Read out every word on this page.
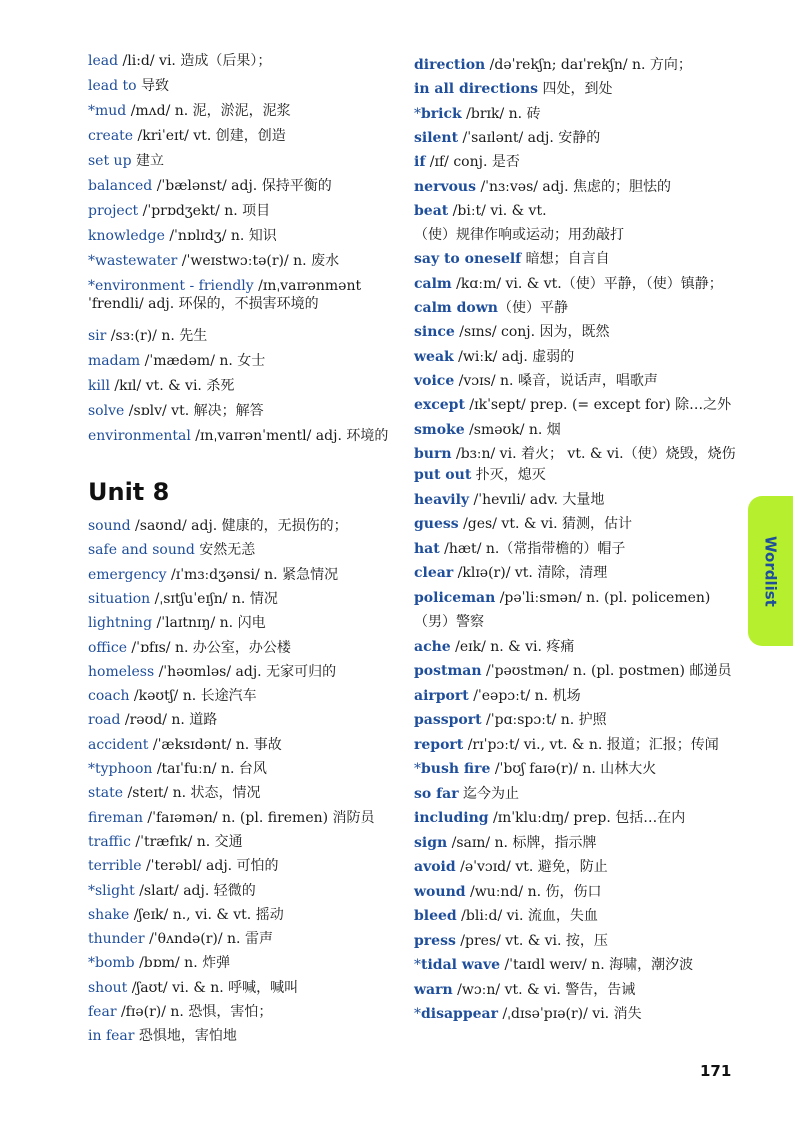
Unit 8
lead /li:d/ vi. 造成（后果）；
lead to 导致
*mud /mʌd/ n. 泥，淤泥，泥浆
create /kriˈeɪt/ vt. 创建，创造
set up 建立
balanced /ˈbælənst/ adj. 保持平衡的
project /ˈprɒdʒekt/ n. 项目
knowledge /ˈnɒlɪdʒ/ n. 知识
*wastewater /ˈweɪstwɔːtə(r)/ n. 废水
*environment - friendly /ɪnˌvaɪrənmənt ˈfrendli/ adj. 环保的，不损害环境的
sir /sɜː(r)/ n. 先生
madam /ˈmædəm/ n. 女士
kill /kɪl/ vt. & vi. 杀死
solve /sɒlv/ vt. 解决；解答
environmental /ɪnˌvaɪrənˈmentl/ adj. 环境的
sound /saʊnd/ adj. 健康的，无损伤的；
safe and sound 安然无恙
emergency /ɪˈmɜːdʒənsi/ n. 紧急情况
situation /ˌsɪtʃuˈeɪʃn/ n. 情况
lightning /ˈlaɪtnɪŋ/ n. 闪电
office /ˈɒfɪs/ n. 办公室，办公楼
homeless /ˈhəʊmləs/ adj. 无家可归的
coach /kəʊtʃ/ n. 长途汽车
road /rəʊd/ n. 道路
accident /ˈæksɪdənt/ n. 事故
*typhoon /taɪˈfuːn/ n. 台风
state /steɪt/ n. 状态，情况
fireman /ˈfaɪəmən/ n. (pl. firemen) 消防员
traffic /ˈtræfɪk/ n. 交通
terrible /ˈterəbl/ adj. 可怕的
*slight /slaɪt/ adj. 轻微的
shake /ʃeɪk/ n., vi. & vt. 摇动
thunder /ˈθʌndə(r)/ n. 雷声
*bomb /bɒm/ n. 炸弹
shout /ʃaʊt/ vi. & n. 呼喊，喊叫
fear /fɪə(r)/ n. 恐惧，害怕；
in fear 恐惧地，害怕地
direction /dəˈrekʃn; daɪˈrekʃn/ n. 方向；
in all directions 四处，到处
*brick /brɪk/ n. 砖
silent /ˈsaɪlənt/ adj. 安静的
if /ɪf/ conj. 是否
nervous /ˈnɜːvəs/ adj. 焦虑的；胆怯的
beat /biːt/ vi. & vt.
（使）规律作响或运动；用劲敲打
say to oneself 暗想；自言自
calm /kɑːm/ vi. & vt.（使）平静，（使）镇静；
calm down（使）平静
since /sɪns/ conj. 因为，既然
weak /wiːk/ adj. 虚弱的
voice /vɔɪs/ n. 嗓音，说话声，唱歌声
except /ɪkˈsept/ prep. (= except for) 除…之外
smoke /sməʊk/ n. 烟
burn /bɜːn/ vi. 着火； vt. & vi.（使）烧毁，烧伤
put out 扑灭，熄灭
heavily /ˈhevɪli/ adv. 大量地
guess /ges/ vt. & vi. 猜测，估计
hat /hæt/ n.（常指带檐的）帽子
clear /klɪə(r)/ vt. 清除，清理
policeman /pəˈliːsmən/ n. (pl. policemen)
（男）警察
ache /eɪk/ n. & vi. 疼痛
postman /ˈpəʊstmən/ n. (pl. postmen) 邮递员
airport /ˈeəpɔːt/ n. 机场
passport /ˈpɑːspɔːt/ n. 护照
report /rɪˈpɔːt/ vi., vt. & n. 报道；汇报；传闻
*bush fire /ˈbʊʃ faɪə(r)/ n. 山林大火
so far 迄今为止
including /ɪnˈkluːdɪŋ/ prep. 包括…在内
sign /saɪn/ n. 标牌，指示牌
avoid /əˈvɔɪd/ vt. 避免，防止
wound /wuːnd/ n. 伤，伤口
bleed /bliːd/ vi. 流血，失血
press /pres/ vt. & vi. 按，压
*tidal wave /ˈtaɪdl weɪv/ n. 海啸，潮汐波
warn /wɔːn/ vt. & vi. 警告，告诫
*disappear /ˌdɪsəˈpɪə(r)/ vi. 消失
Wordlist
171
